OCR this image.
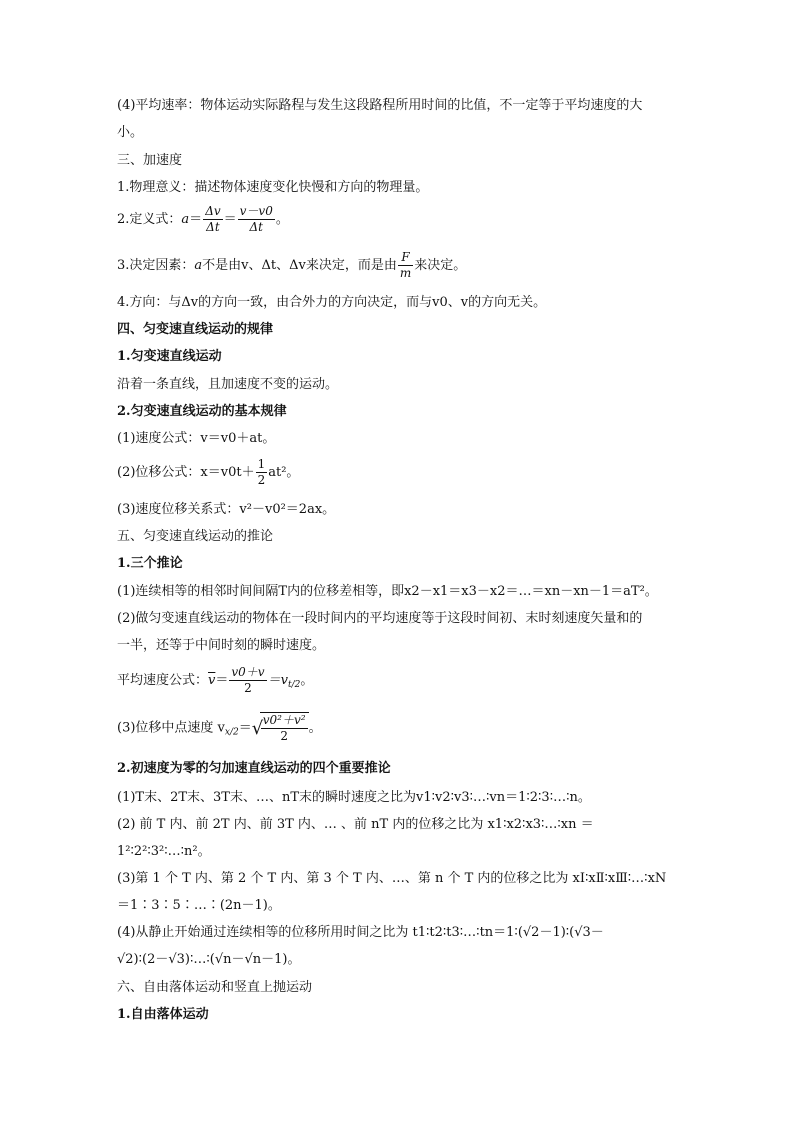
(4)平均速率：物体运动实际路程与发生这段路程所用时间的比值，不一定等于平均速度的大
小。
三、加速度
1.物理意义：描述物体速度变化快慢和方向的物理量。
2.定义式：$a= \frac{\Delta v}{\Delta t} = \frac{v-v0}{\Delta t}$ 。
3.决定因素：a不是由v、Δt、Δv来决定，而是由 $\frac{F}{m}$ 来决定。
4.方向：与Δv的方向一致，由合外力的方向决定，而与v0、v的方向无关。
四、匀变速直线运动的规律
1.匀变速直线运动
沿着一条直线，且加速度不变的运动。
2.匀变速直线运动的基本规律
(1)速度公式：v＝v0＋at。
(2)位移公式：$x=v0t+ \frac{1}{2} at^2$。
(3)速度位移关系式：v²－v0²＝2ax。
五、匀变速直线运动的推论
1.三个推论
(1)连续相等的相邻时间间隔T内的位移差相等，即x2－x1＝x3－x2＝…＝xn－xn－1＝aT²。
(2)做匀变速直线运动的物体在一段时间内的平均速度等于这段时间初、末时刻速度矢量和的
一半，还等于中间时刻的瞬时速度。
平均速度公式：$\overline{v}= \frac{v0+v}{2} =v_{t/2}$。
(3)位移中点速度 $v_{x/2}=$ √
$\frac{\text{v0²＋v²}}{2}$ 。
2.初速度为零的匀加速直线运动的四个重要推论
(1)T末、2T末、3T末、…、nT末的瞬时速度之比为v1∶v2∶v3∶…∶vn＝1∶2∶3∶…∶n。
(2) 前 T 内、前 2T 内、前 3T 内、… 、前 nT 内的位移之比为 x1∶x2∶x3∶…∶xn ＝
1²∶2²∶3²∶…∶n²。
(3)第 1 个 T 内、第 2 个 T 内、第 3 个 T 内、…、第 n 个 T 内的位移之比为 xⅠ∶xⅡ∶xⅢ∶…∶xN
＝1∶3∶5∶…∶(2n－1)。
(4)从静止开始通过连续相等的位移所用时间之比为 t1∶t2∶t3∶…∶tn＝1∶(√2－1)∶(√3－
√2)∶(2－√3)∶…∶(√n－√n－1)。
六、自由落体运动和竖直上抛运动
1.自由落体运动
